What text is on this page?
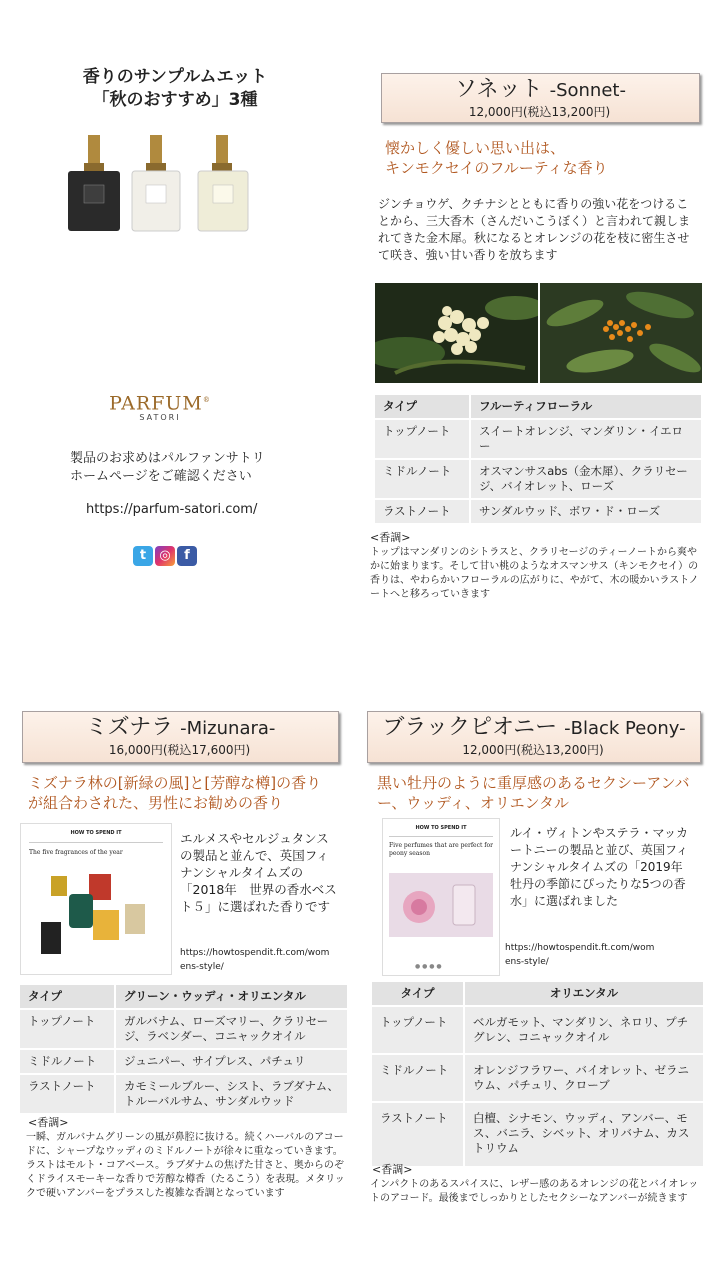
香りのサンプルムエット
「秋のおすすめ」3種
PARFUM®
SATORI
製品のお求めはパルファンサトリ
ホームページをご確認ください
https://parfum-satori.com/
t	◎	f
ソネット -Sonnet-
12,000円(税込13,200円)
懐かしく優しい思い出は、
キンモクセイのフルーティな香り
ジンチョウゲ、クチナシとともに香りの強い花をつけることから、三大香木（さんだいこうぼく）と言われて親しまれてきた金木犀。秋になるとオレンジの花を枝に密生させて咲き、強い甘い香りを放ちます
タイプ	フルーティフローラル
トップノート	スイートオレンジ、マンダリン・イエロー
ミドルノート	オスマンサスabs（金木犀）、クラリセージ、バイオレット、ローズ
ラストノート	サンダルウッド、ボワ・ド・ローズ
<香調>
トップはマンダリンのシトラスと、クラリセージのティーノートから爽やかに始まります。そして甘い桃のようなオスマンサス（キンモクセイ）の香りは、やわらかいフローラルの広がりに、やがて、木の暖かいラストノートへと移ろっていきます
ミズナラ -Mizunara-
16,000円(税込17,600円)
ミズナラ林の[新緑の風]と[芳醇な樽]の香りが組合わされた、男性にお勧めの香り
HOW TO SPEND IT
The five fragrances of the year
エルメスやセルジュタンスの製品と並んで、英国フィナンシャルタイムズの「2018年　世界の香水ベスト５」に選ばれた香りです
https://howtospendit.ft.com/womens-style/
タイプ	グリーン・ウッディ・オリエンタル
トップノート	ガルバナム、ローズマリー、クラリセージ、ラベンダー、コニャックオイル
ミドルノート	ジュニパー、サイプレス、パチュリ
ラストノート	カモミールブルー、シスト、ラブダナム、トルーバルサム、サンダルウッド
<香調>
一瞬、ガルバナムグリーンの風が鼻腔に抜ける。続くハーバルのアコードに、シャープなウッディのミドルノートが徐々に重なっていきます。ラストはモルト・コアベース。ラブダナムの焦げた甘さと、奥からのぞくドライスモーキーな香りで芳醇な樽香（たるこう）を表現。メタリックで硬いアンバーをプラスした複雑な香調となっています
ブラックピオニー -Black Peony-
12,000円(税込13,200円)
黒い牡丹のように重厚感のあるセクシーアンバー、ウッディ、オリエンタル
HOW TO SPEND IT
Five perfumes that are perfect for peony season
● ● ● ●
ルイ・ヴィトンやステラ・マッカートニーの製品と並び、英国フィナンシャルタイムズの「2019年　牡丹の季節にぴったりな5つの香水」に選ばれました
https://howtospendit.ft.com/womens-style/
タイプ	オリエンタル
トップノート	ベルガモット、マンダリン、ネロリ、プチグレン、コニャックオイル
ミドルノート	オレンジフラワー、バイオレット、ゼラニウム、パチュリ、クローブ
ラストノート	白檀、シナモン、ウッディ、アンバー、モス、バニラ、シベット、オリバナム、カストリウム
<香調>
インパクトのあるスパイスに、レザー感のあるオレンジの花とバイオレットのアコード。最後までしっかりとしたセクシーなアンバーが続きます
